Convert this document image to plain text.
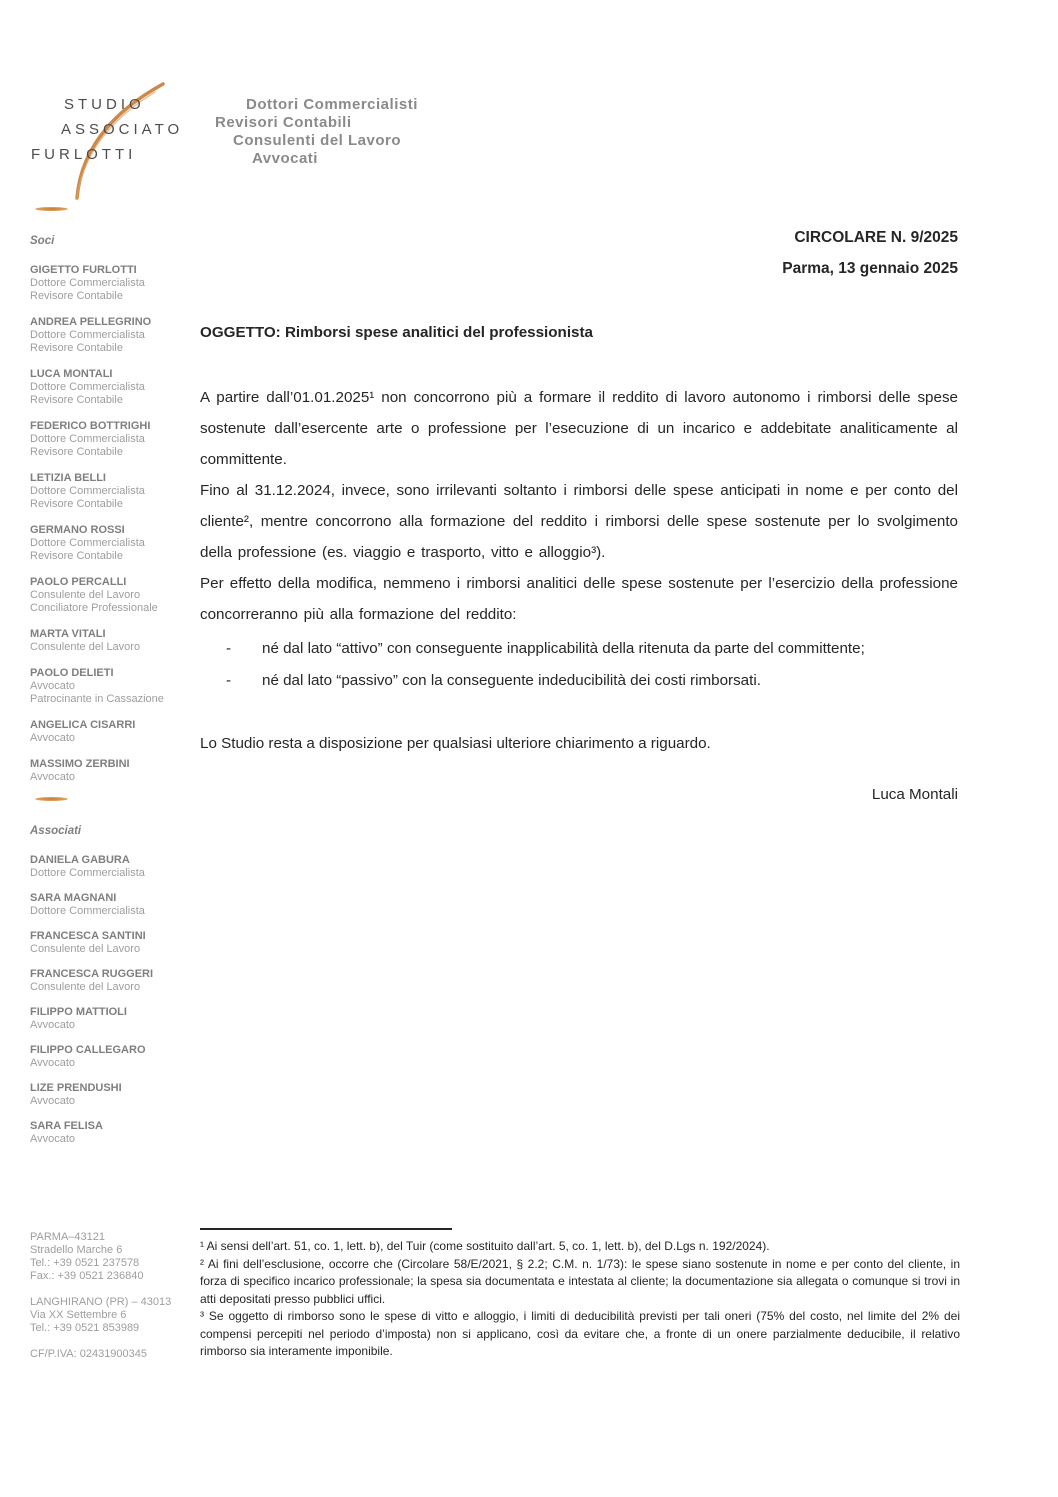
STUDIO
ASSOCIATO
FURLOTTI
Dottori Commercialisti
Revisori Contabili
Consulenti del Lavoro
Avvocati
Soci
GIGETTO FURLOTTI
Dottore Commercialista
Revisore Contabile
ANDREA PELLEGRINO
Dottore Commercialista
Revisore Contabile
LUCA MONTALI
Dottore Commercialista
Revisore Contabile
FEDERICO BOTTRIGHI
Dottore Commercialista
Revisore Contabile
LETIZIA BELLI
Dottore Commercialista
Revisore Contabile
GERMANO ROSSI
Dottore Commercialista
Revisore Contabile
PAOLO PERCALLI
Consulente del Lavoro
Conciliatore Professionale
MARTA VITALI
Consulente del Lavoro
PAOLO DELIETI
Avvocato
Patrocinante in Cassazione
ANGELICA CISARRI
Avvocato
MASSIMO ZERBINI
Avvocato
Associati
DANIELA GABURA
Dottore Commercialista
SARA MAGNANI
Dottore Commercialista
FRANCESCA SANTINI
Consulente del Lavoro
FRANCESCA RUGGERI
Consulente del Lavoro
FILIPPO MATTIOLI
Avvocato
FILIPPO CALLEGARO
Avvocato
LIZE PRENDUSHI
Avvocato
SARA FELISA
Avvocato
PARMA–43121
Stradello Marche 6
Tel.: +39 0521 237578
Fax.: +39 0521 236840
LANGHIRANO (PR) – 43013
Via XX Settembre 6
Tel.: +39 0521 853989
CF/P.IVA: 02431900345
CIRCOLARE N. 9/2025
Parma, 13 gennaio 2025
OGGETTO: Rimborsi spese analitici del professionista
A partire dall’01.01.2025¹ non concorrono più a formare il reddito di lavoro autonomo i rimborsi delle spese sostenute dall’esercente arte o professione per l’esecuzione di un incarico e addebitate analiticamente al committente.
Fino al 31.12.2024, invece, sono irrilevanti soltanto i rimborsi delle spese anticipati in nome e per conto del cliente², mentre concorrono alla formazione del reddito i rimborsi delle spese sostenute per lo svolgimento della professione (es. viaggio e trasporto, vitto e alloggio³).
Per effetto della modifica, nemmeno i rimborsi analitici delle spese sostenute per l’esercizio della professione concorreranno più alla formazione del reddito:
-	né dal lato “attivo” con conseguente inapplicabilità della ritenuta da parte del committente;
-	né dal lato “passivo” con la conseguente indeducibilità dei costi rimborsati.
Lo Studio resta a disposizione per qualsiasi ulteriore chiarimento a riguardo.
Luca Montali
¹ Ai sensi dell’art. 51, co. 1, lett. b), del Tuir (come sostituito dall’art. 5, co. 1, lett. b), del D.Lgs n. 192/2024).
² Ai fini dell’esclusione, occorre che (Circolare 58/E/2021, § 2.2; C.M. n. 1/73): le spese siano sostenute in nome e per conto del cliente, in forza di specifico incarico professionale; la spesa sia documentata e intestata al cliente; la documentazione sia allegata o comunque si trovi in atti depositati presso pubblici uffici.
³ Se oggetto di rimborso sono le spese di vitto e alloggio, i limiti di deducibilità previsti per tali oneri (75% del costo, nel limite del 2% dei compensi percepiti nel periodo d’imposta) non si applicano, così da evitare che, a fronte di un onere parzialmente deducibile, il relativo rimborso sia interamente imponibile.
